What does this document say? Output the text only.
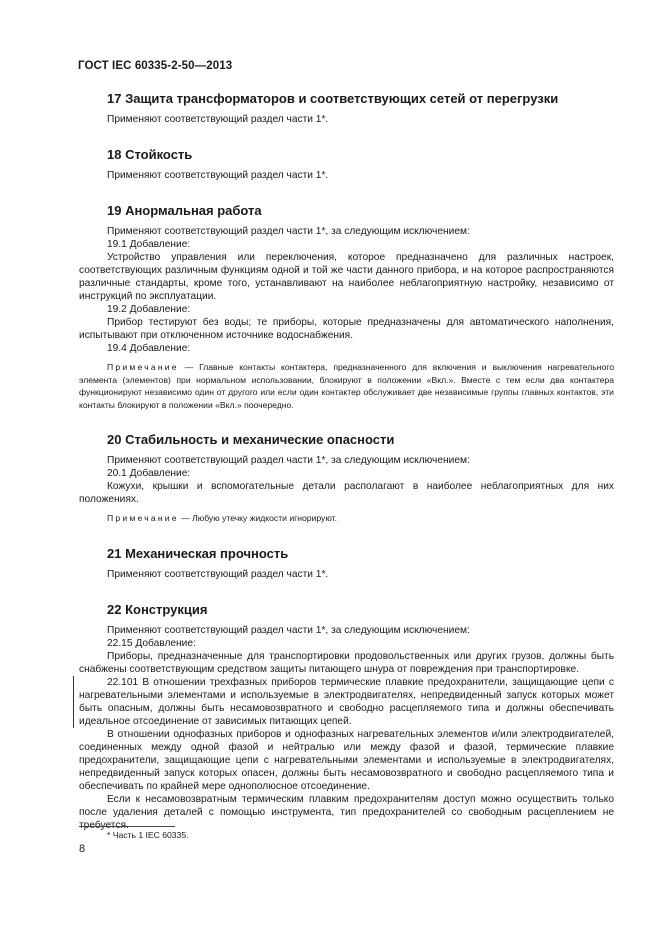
ГОСТ IEC 60335-2-50—2013
17 Защита трансформаторов и соответствующих сетей от перегрузки

Применяют соответствующий раздел части 1*.

18 Стойкость

Применяют соответствующий раздел части 1*.

19 Анормальная работа

Применяют соответствующий раздел части 1*, за следующим исключением:

19.1 Добавление:

Устройство управления или переключения, которое предназначено для различных настроек, соответствующих различным функциям одной и той же части данного прибора, и на которое распространяются различные стандарты, кроме того, устанавливают на наиболее неблагоприятную настройку, независимо от инструкций по эксплуатации.

19.2 Добавление:

Прибор тестируют без воды; те приборы, которые предназначены для автоматического наполнения, испытывают при отключенном источнике водоснабжения.

19.4 Добавление:

Примечание — Главные контакты контактера, предназначенного для включения и выключения нагревательного элемента (элементов) при нормальном использовании, блокируют в положении «Вкл.». Вместе с тем если два контактера функционируют независимо один от другого или если один контактер обслуживает две независимые группы главных контактов, эти контакты блокируют в положении «Вкл.» поочередно.

20 Стабильность и механические опасности

Применяют соответствующий раздел части 1*, за следующим исключением:

20.1 Добавление:

Кожухи, крышки и вспомогательные детали располагают в наиболее неблагоприятных для них положениях.

Примечание — Любую утечку жидкости игнорируют.

21 Механическая прочность

Применяют соответствующий раздел части 1*.

22 Конструкция

Применяют соответствующий раздел части 1*, за следующим исключением:

22.15 Добавление:

Приборы, предназначенные для транспортировки продовольственных или других грузов, должны быть снабжены соответствующим средством защиты питающего шнура от повреждения при транспортировке.

22.101 В отношении трехфазных приборов термические плавкие предохранители, защищающие цепи с нагревательными элементами и используемые в электродвигателях, непредвиденный запуск которых может быть опасным, должны быть несамовозвратного и свободно расцепляемого типа и должны обеспечивать идеальное отсоединение от зависимых питающих цепей.

В отношении однофазных приборов и однофазных нагревательных элементов и/или электродвигателей, соединенных между одной фазой и нейтралью или между фазой и фазой, термические плавкие предохранители, защищающие цепи с нагревательными элементами и используемые в электродвигателях, непредвиденный запуск которых опасен, должны быть несамовозвратного и свободно расцепляемого типа и обеспечивать по крайней мере однополюсное отсоединение.

Если к несамовозвратным термическим плавким предохранителям доступ можно осуществить только после удаления деталей с помощью инструмента, тип предохранителей со свободным расцеплением не требуется.

* Часть 1 IEC 60335.
8
